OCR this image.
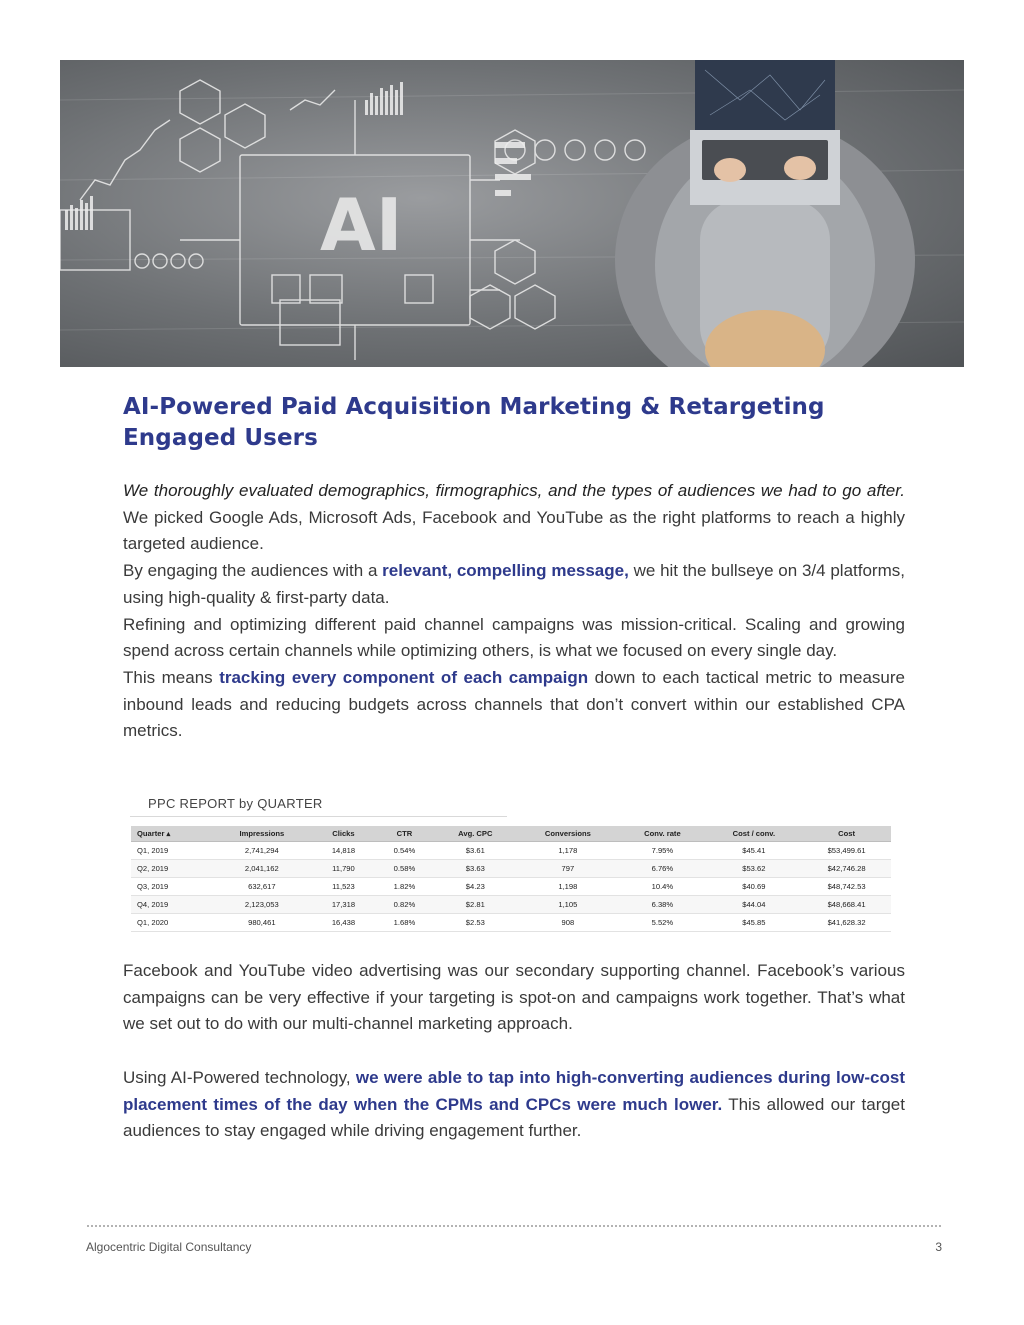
AI
AI-Powered Paid Acquisition Marketing & Retargeting Engaged Users

We thoroughly evaluated demographics, firmographics, and the types of audiences we had to go after. We picked Google Ads, Microsoft Ads, Facebook and YouTube as the right platforms to reach a highly targeted audience.

By engaging the audiences with a relevant, compelling message, we hit the bullseye on 3/4 platforms, using high-quality & first-party data.

Refining and optimizing different paid channel campaigns was mission-critical. Scaling and growing spend across certain channels while optimizing others, is what we focused on every single day.

This means tracking every component of each campaign down to each tactical metric to measure inbound leads and reducing budgets across channels that don’t convert within our established CPA metrics.

PPC REPORT by QUARTER
Quarter ▴	Impressions	Clicks	CTR	Avg. CPC	Conversions	Conv. rate	Cost / conv.	Cost
Q1, 2019	2,741,294	14,818	0.54%	$3.61	1,178	7.95%	$45.41	$53,499.61
Q2, 2019	2,041,162	11,790	0.58%	$3.63	797	6.76%	$53.62	$42,746.28
Q3, 2019	632,617	11,523	1.82%	$4.23	1,198	10.4%	$40.69	$48,742.53
Q4, 2019	2,123,053	17,318	0.82%	$2.81	1,105	6.38%	$44.04	$48,668.41
Q1, 2020	980,461	16,438	1.68%	$2.53	908	5.52%	$45.85	$41,628.32

Facebook and YouTube video advertising was our secondary supporting channel. Facebook’s various campaigns can be very effective if your targeting is spot-on and campaigns work together. That’s what we set out to do with our multi-channel marketing approach.

Using AI-Powered technology, we were able to tap into high-converting audiences during low-cost placement times of the day when the CPMs and CPCs were much lower. This allowed our target audiences to stay engaged while driving engagement further.

Algocentric Digital Consultancy	3
